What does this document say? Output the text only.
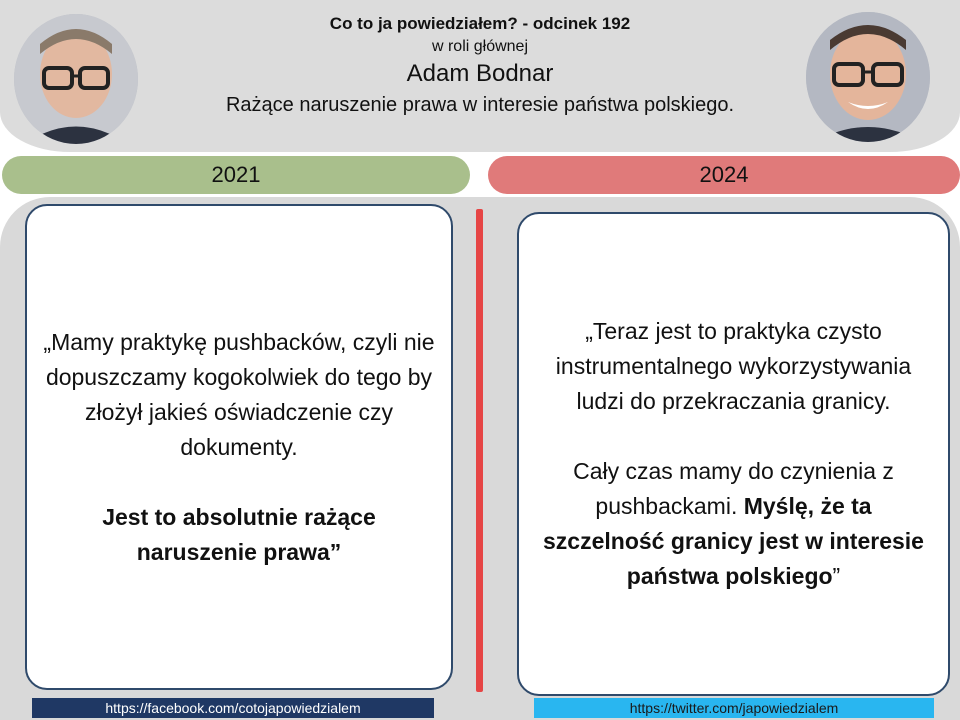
Co to ja powiedziałem? - odcinek 192
w roli głównej
Adam Bodnar
Rażące naruszenie prawa w interesie państwa polskiego.
2021	2024

„Mamy praktykę pushbacków, czyli nie dopuszczamy kogokolwiek do tego by złożył jakieś oświadczenie czy dokumenty.

Jest to absolutnie rażące naruszenie prawa”

„Teraz jest to praktyka czysto instrumentalnego wykorzystywania ludzi do przekraczania granicy.

Cały czas mamy do czynienia z pushbackami. Myślę, że ta szczelność granicy jest w interesie państwa polskiego”

https://facebook.com/cotojapowiedzialem	https://twitter.com/japowiedzialem
